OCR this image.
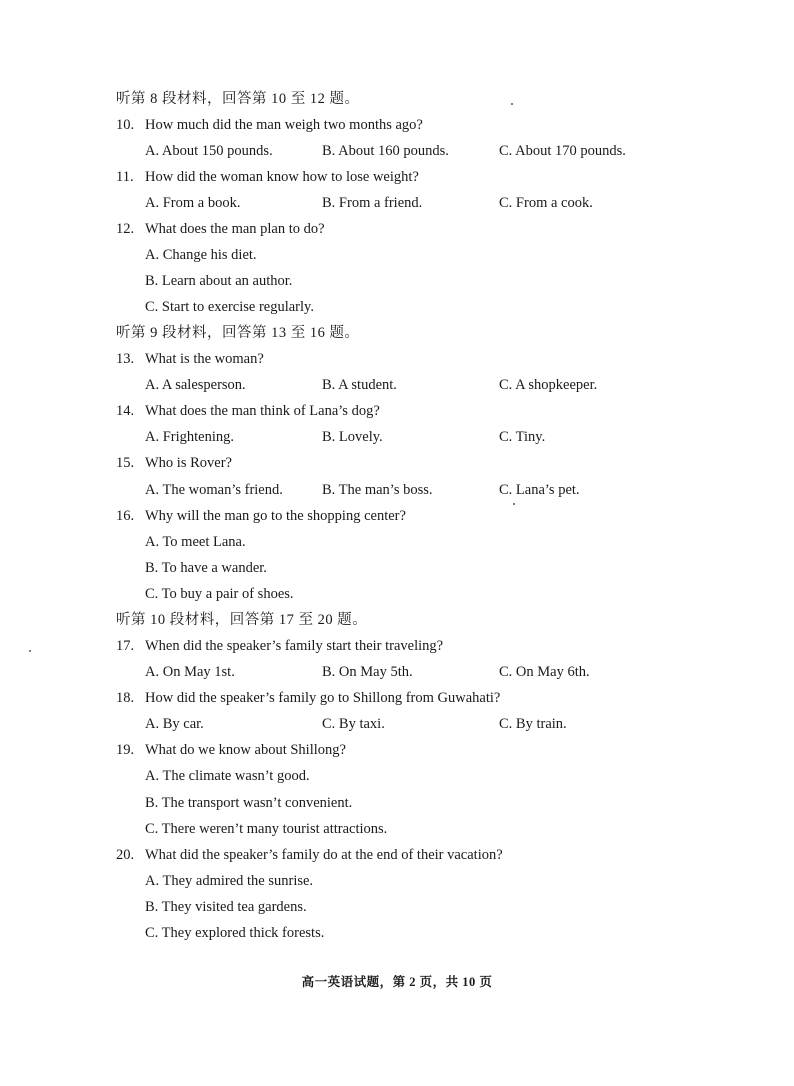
听第 8 段材料，回答第 10 至 12 题。
10. How much did the man weigh two months ago?
A. About 150 pounds.	B. About 160 pounds.	C. About 170 pounds.
11. How did the woman know how to lose weight?
A. From a book.	B. From a friend.	C. From a cook.
12. What does the man plan to do?
A. Change his diet.
B. Learn about an author.
C. Start to exercise regularly.
听第 9 段材料，回答第 13 至 16 题。
13. What is the woman?
A. A salesperson.	B. A student.	C. A shopkeeper.
14. What does the man think of Lana’s dog?
A. Frightening.	B. Lovely.	C. Tiny.
15. Who is Rover?
A. The woman’s friend.	B. The man’s boss.	C. Lana’s pet.
16. Why will the man go to the shopping center?
A. To meet Lana.
B. To have a wander.
C. To buy a pair of shoes.
听第 10 段材料，回答第 17 至 20 题。
17. When did the speaker’s family start their traveling?
A. On May 1st.	B. On May 5th.	C. On May 6th.
18. How did the speaker’s family go to Shillong from Guwahati?
A. By car.	C. By taxi.	C. By train.
19. What do we know about Shillong?
A. The climate wasn’t good.
B. The transport wasn’t convenient.
C. There weren’t many tourist attractions.
20. What did the speaker’s family do at the end of their vacation?
A. They admired the sunrise.
B. They visited tea gardens.
C. They explored thick forests.
高一英语试题，第 2 页，共 10 页
